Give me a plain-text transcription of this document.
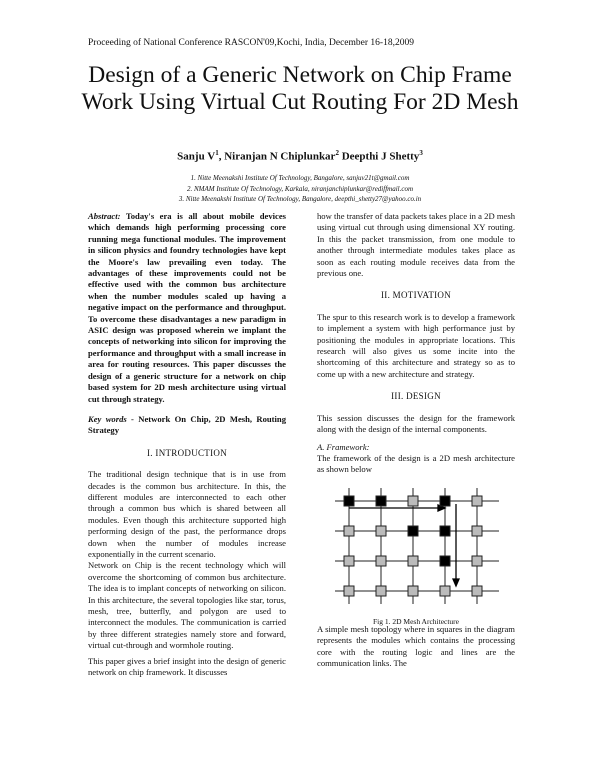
Proceeding of National Conference RASCON'09,Kochi, India, December 16-18,2009
Design of a Generic Network on Chip Frame Work Using Virtual Cut Routing For 2D Mesh
Sanju $V^1$, Niranjan N Chiplunkar$^2$ Deepthi J Shetty$^3$
1. Nitte Meenakshi Institute Of Technology, Bangalore, sanjuv21t@gmail.com
2. NMAM Institute Of Technology, Karkala, niranjanchiplunkar@rediffmail.com
3. Nitte Meenakshi Institute Of Technology, Bangalore, deepthi_shetty27@yahoo.co.in

Abstract: Today's era is all about mobile devices which demands high performing processing core running mega functional modules. The improvement in silicon physics and foundry technologies have kept the Moore's law prevailing even today. The advantages of these improvements could not be effective used with the common bus architecture when the number modules scaled up having a negative impact on the performance and throughput. To overcome these disadvantages a new paradigm in ASIC design was proposed wherein we implant the concepts of networking into silicon for improving the performance and throughput with a small increase in area for routing resources. This paper discusses the design of a generic structure for a network on chip based system for 2D mesh architecture using virtual cut through strategy.

Key words - Network On Chip, 2D Mesh, Routing Strategy

I. INTRODUCTION

The traditional design technique that is in use from decades is the common bus architecture. In this, the different modules are interconnected to each other through a common bus which is shared between all modules. Even though this architecture supported high performing design of the past, the performance drops down when the number of modules increase exponentially in the current scenario.

Network on Chip is the recent technology which will overcome the shortcoming of common bus architecture. The idea is to implant concepts of networking on silicon. In this architecture, the several topologies like star, torus, mesh, tree, butterfly, and polygon are used to interconnect the modules. The communication is carried by three different strategies namely store and forward, virtual cut-through and wormhole routing.

This paper gives a brief insight into the design of generic network on chip framework. It discusses

how the transfer of data packets takes place in a 2D mesh using virtual cut through using dimensional XY routing. In this the packet transmission, from one module to another through intermediate modules takes place as soon as each routing module receives data from the previous one.

II. MOTIVATION

The spur to this research work is to develop a framework to implement a system with high performance just by positioning the modules in appropriate locations. This research will also gives us some incite into the shortcoming of this architecture and strategy so as to come up with a new architecture and strategy.

III. DESIGN

This session discusses the design for the framework along with the design of the internal components.

A. Framework:

The framework of the design is a 2D mesh architecture as shown below

Fig 1. 2D Mesh Architecture

A simple mesh topology where in squares in the diagram represents the modules which contains the processing core with the routing logic and lines are the communication links. The
